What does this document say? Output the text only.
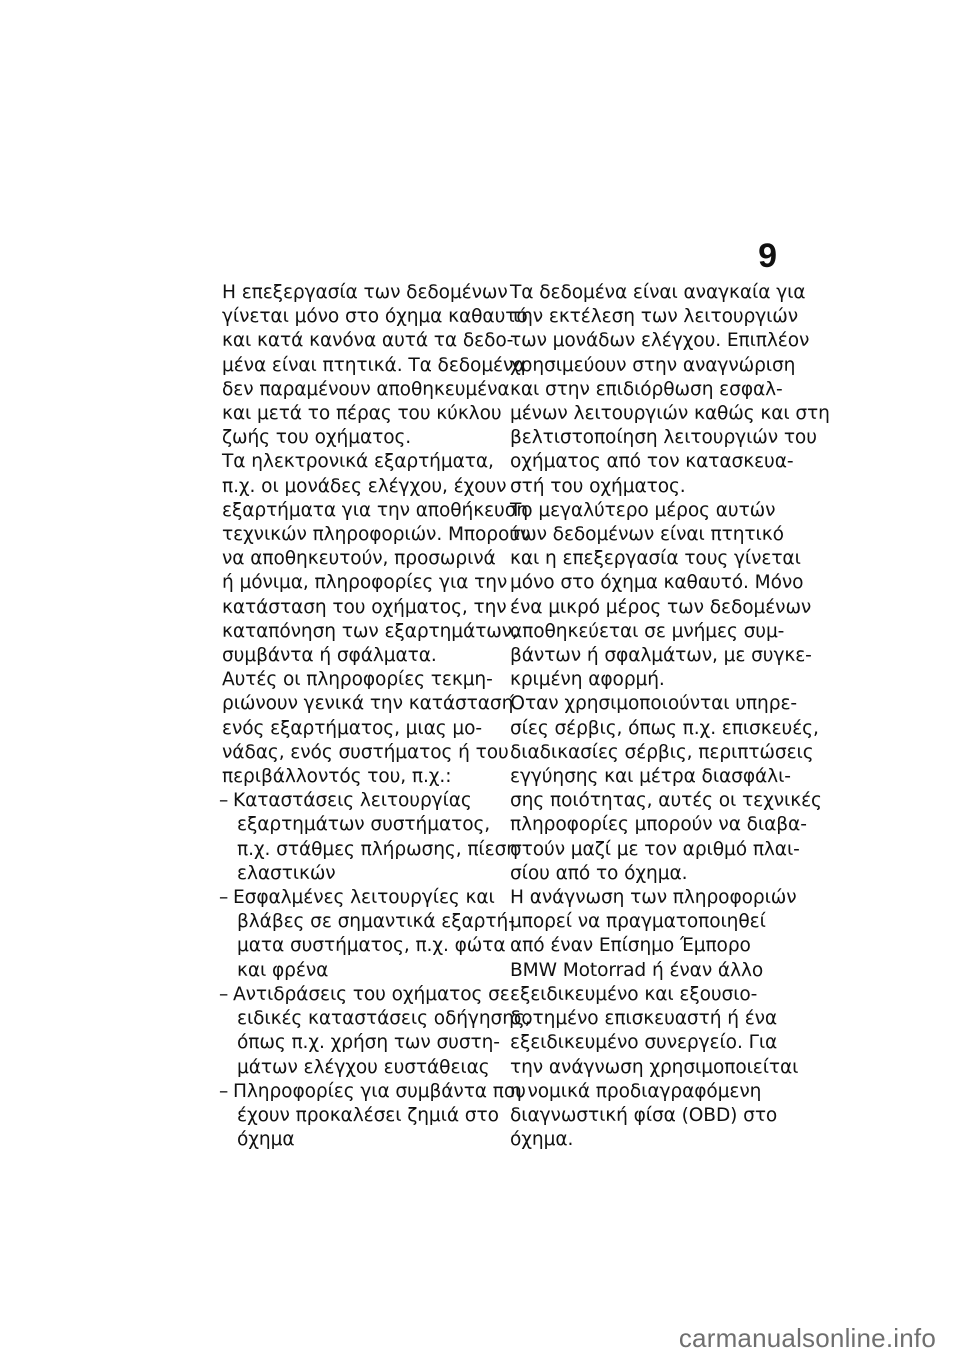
9
Η επεξεργασία των δεδομένων
γίνεται μόνο στο όχημα καθαυτό
και κατά κανόνα αυτά τα δεδο-
μένα είναι πτητικά. Τα δεδομένα
δεν παραμένουν αποθηκευμένα
και μετά το πέρας του κύκλου
ζωής του οχήματος.
Τα ηλεκτρονικά εξαρτήματα,
π.χ. οι μονάδες ελέγχου, έχουν
εξαρτήματα για την αποθήκευση
τεχνικών πληροφοριών. Μπορούν
να αποθηκευτούν, προσωρινά
ή μόνιμα, πληροφορίες για την
κατάσταση του οχήματος, την
καταπόνηση των εξαρτημάτων,
συμβάντα ή σφάλματα.
Αυτές οι πληροφορίες τεκμη-
ριώνουν γενικά την κατάσταση
ενός εξαρτήματος, μιας μο-
νάδας, ενός συστήματος ή του
περιβάλλοντός του, π.χ.:
– Καταστάσεις λειτουργίας
εξαρτημάτων συστήματος,
π.χ. στάθμες πλήρωσης, πίεση
ελαστικών
– Εσφαλμένες λειτουργίες και
βλάβες σε σημαντικά εξαρτή-
ματα συστήματος, π.χ. φώτα
και φρένα
– Αντιδράσεις του οχήματος σε
ειδικές καταστάσεις οδήγησης,
όπως π.χ. χρήση των συστη-
μάτων ελέγχου ευστάθειας
– Πληροφορίες για συμβάντα που
έχουν προκαλέσει ζημιά στο
όχημα
Τα δεδομένα είναι αναγκαία για
την εκτέλεση των λειτουργιών
των μονάδων ελέγχου. Επιπλέον
χρησιμεύουν στην αναγνώριση
και στην επιδιόρθωση εσφαλ-
μένων λειτουργιών καθώς και στη
βελτιστοποίηση λειτουργιών του
οχήματος από τον κατασκευα-
στή του οχήματος.
Το μεγαλύτερο μέρος αυτών
των δεδομένων είναι πτητικό
και η επεξεργασία τους γίνεται
μόνο στο όχημα καθαυτό. Μόνο
ένα μικρό μέρος των δεδομένων
αποθηκεύεται σε μνήμες συμ-
βάντων ή σφαλμάτων, με συγκε-
κριμένη αφορμή.
Όταν χρησιμοποιούνται υπηρε-
σίες σέρβις, όπως π.χ. επισκευές,
διαδικασίες σέρβις, περιπτώσεις
εγγύησης και μέτρα διασφάλι-
σης ποιότητας, αυτές οι τεχνικές
πληροφορίες μπορούν να διαβα-
στούν μαζί με τον αριθμό πλαι-
σίου από το όχημα.
Η ανάγνωση των πληροφοριών
μπορεί να πραγματοποιηθεί
από έναν Επίσημο Έμπορο
BMW Motorrad ή έναν άλλο
εξειδικευμένο και εξουσιο-
δοτημένο επισκευαστή ή ένα
εξειδικευμένο συνεργείο. Για
την ανάγνωση χρησιμοποιείται
η νομικά προδιαγραφόμενη
διαγνωστική φίσα (OBD) στο
όχημα.
carmanualsonline.info
